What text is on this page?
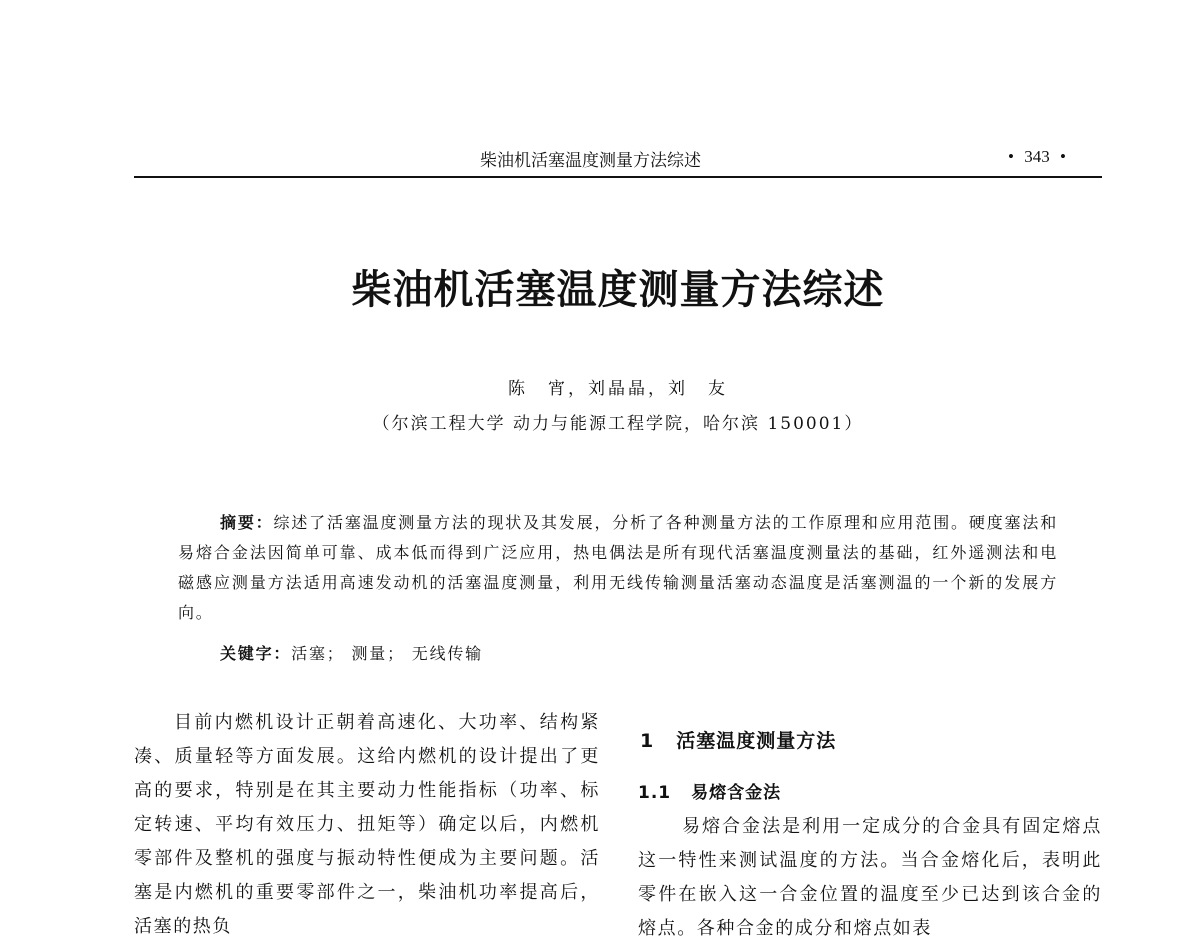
柴油机活塞温度测量方法综述	• 343 •
柴油机活塞温度测量方法综述
陈　宵，刘晶晶，刘　友
（尔滨工程大学 动力与能源工程学院，哈尔滨 150001）

摘要：综述了活塞温度测量方法的现状及其发展，分析了各种测量方法的工作原理和应用范围。硬度塞法和易熔合金法因简单可靠、成本低而得到广泛应用，热电偶法是所有现代活塞温度测量法的基础，红外遥测法和电磁感应测量方法适用高速发动机的活塞温度测量，利用无线传输测量活塞动态温度是活塞测温的一个新的发展方向。

关键字：活塞； 测量； 无线传输

目前内燃机设计正朝着高速化、大功率、结构紧凑、质量轻等方面发展。这给内燃机的设计提出了更高的要求，特别是在其主要动力性能指标（功率、标定转速、平均有效压力、扭矩等）确定以后，内燃机零部件及整机的强度与振动特性便成为主要问题。活塞是内燃机的重要零部件之一，柴油机功率提高后，活塞的热负

1 活塞温度测量方法
1.1 易熔含金法

易熔合金法是利用一定成分的合金具有固定熔点这一特性来测试温度的方法。当合金熔化后，表明此零件在嵌入这一合金位置的温度至少已达到该合金的熔点。各种合金的成分和熔点如表
